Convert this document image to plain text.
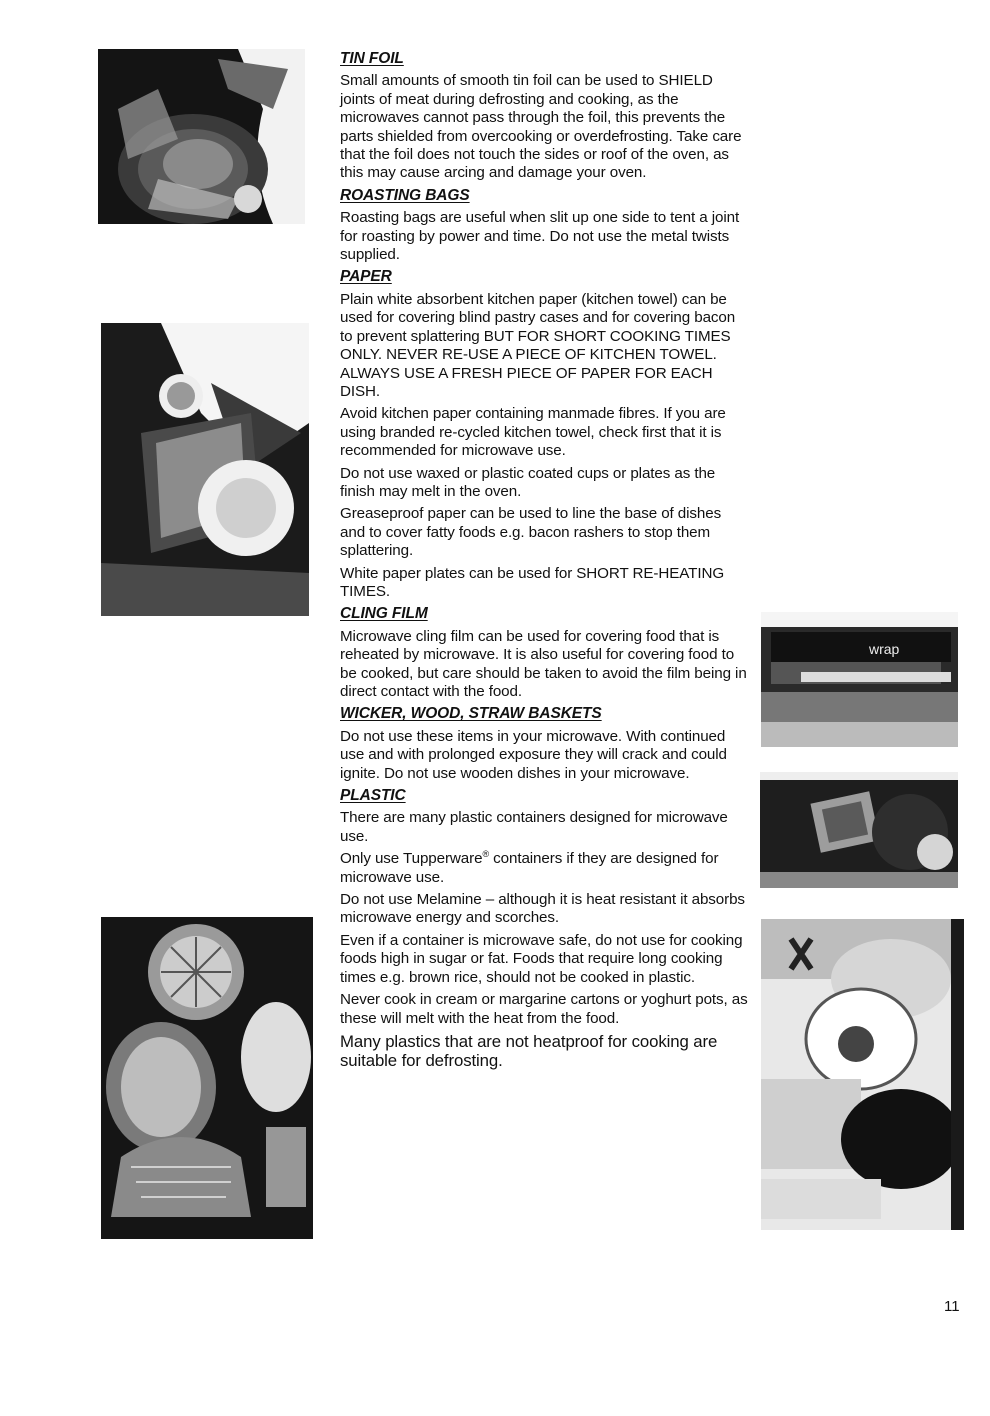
wrap
TIN FOIL

Small amounts of smooth tin foil can be used to SHIELD joints of meat during defrosting and cooking, as the microwaves cannot pass through the foil, this prevents the parts shielded from overcooking or overdefrosting. Take care that the foil does not touch the sides or roof of the oven, as this may cause arcing and damage your oven.

ROASTING BAGS

Roasting bags are useful when slit up one side to tent a joint for roasting by power and time. Do not use the metal twists supplied.

PAPER

Plain white absorbent kitchen paper (kitchen towel) can be used for covering blind pastry cases and for covering bacon to prevent splattering BUT FOR SHORT COOKING TIMES ONLY. NEVER RE-USE A PIECE OF KITCHEN TOWEL. ALWAYS USE A FRESH PIECE OF PAPER FOR EACH DISH.

Avoid kitchen paper containing manmade fibres. If you are using branded re-cycled kitchen towel, check first that it is recommended for microwave use.

Do not use waxed or plastic coated cups or plates as the finish may melt in the oven.

Greaseproof paper can be used to line the base of dishes and to cover fatty foods e.g. bacon rashers to stop them splattering.

White paper plates can be used for SHORT RE-HEATING TIMES.

CLING FILM

Microwave cling film can be used for covering food that is reheated by microwave. It is also useful for covering food to be cooked, but care should be taken to avoid the film being in direct contact with the food.

WICKER, WOOD, STRAW BASKETS

Do not use these items in your microwave. With continued use and with prolonged exposure they will crack and could ignite. Do not use wooden dishes in your microwave.

PLASTIC

There are many plastic containers designed for microwave use.

Only use Tupperware® containers if they are designed for microwave use.

Do not use Melamine – although it is heat resistant it absorbs microwave energy and scorches.

Even if a container is microwave safe, do not use for cooking foods high in sugar or fat. Foods that require long cooking times e.g. brown rice, should not be cooked in plastic.

Never cook in cream or margarine cartons or yoghurt pots, as these will melt with the heat from the food.

Many plastics that are not heatproof for cooking are suitable for defrosting.

11
